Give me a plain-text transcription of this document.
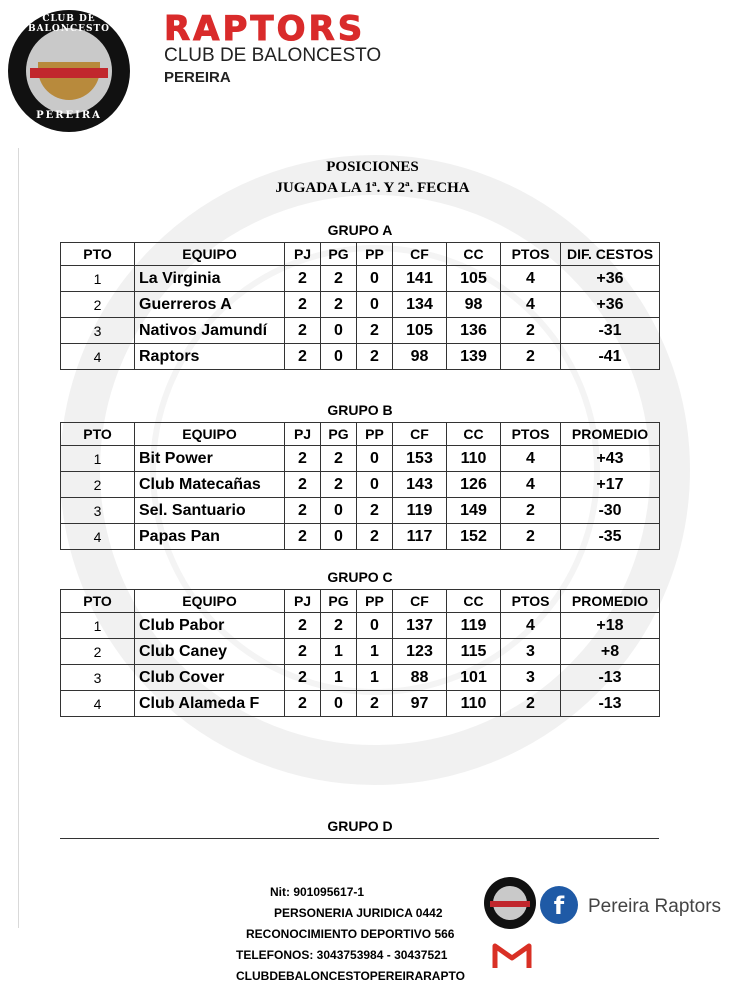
CLUB DE BALONCESTO
PEREIRA
RAPTORS
CLUB DE BALONCESTO
PEREIRA
POSICIONES
JUGADA LA 1ª. Y 2ª. FECHA
GRUPO A
PTO	EQUIPO	PJ	PG	PP	CF	CC	PTOS	DIF. CESTOS
1	La Virginia	2	2	0	141	105	4	+36
2	Guerreros A	2	2	0	134	98	4	+36
3	Nativos Jamundí	2	0	2	105	136	2	-31
4	Raptors	2	0	2	98	139	2	-41
GRUPO B
PTO	EQUIPO	PJ	PG	PP	CF	CC	PTOS	PROMEDIO
1	Bit Power	2	2	0	153	110	4	+43
2	Club Matecañas	2	2	0	143	126	4	+17
3	Sel. Santuario	2	0	2	119	149	2	-30
4	Papas Pan	2	0	2	117	152	2	-35
GRUPO C
PTO	EQUIPO	PJ	PG	PP	CF	CC	PTOS	PROMEDIO
1	Club Pabor	2	2	0	137	119	4	+18
2	Club Caney	2	1	1	123	115	3	+8
3	Club Cover	2	1	1	88	101	3	-13
4	Club Alameda F	2	0	2	97	110	2	-13
GRUPO D
Nit: 901095617-1
PERSONERIA JURIDICA 0442
RECONOCIMIENTO DEPORTIVO 566
TELEFONOS: 3043753984 - 30437521
CLUBDEBALONCESTOPEREIRARAPTO
f	Pereira Raptors
